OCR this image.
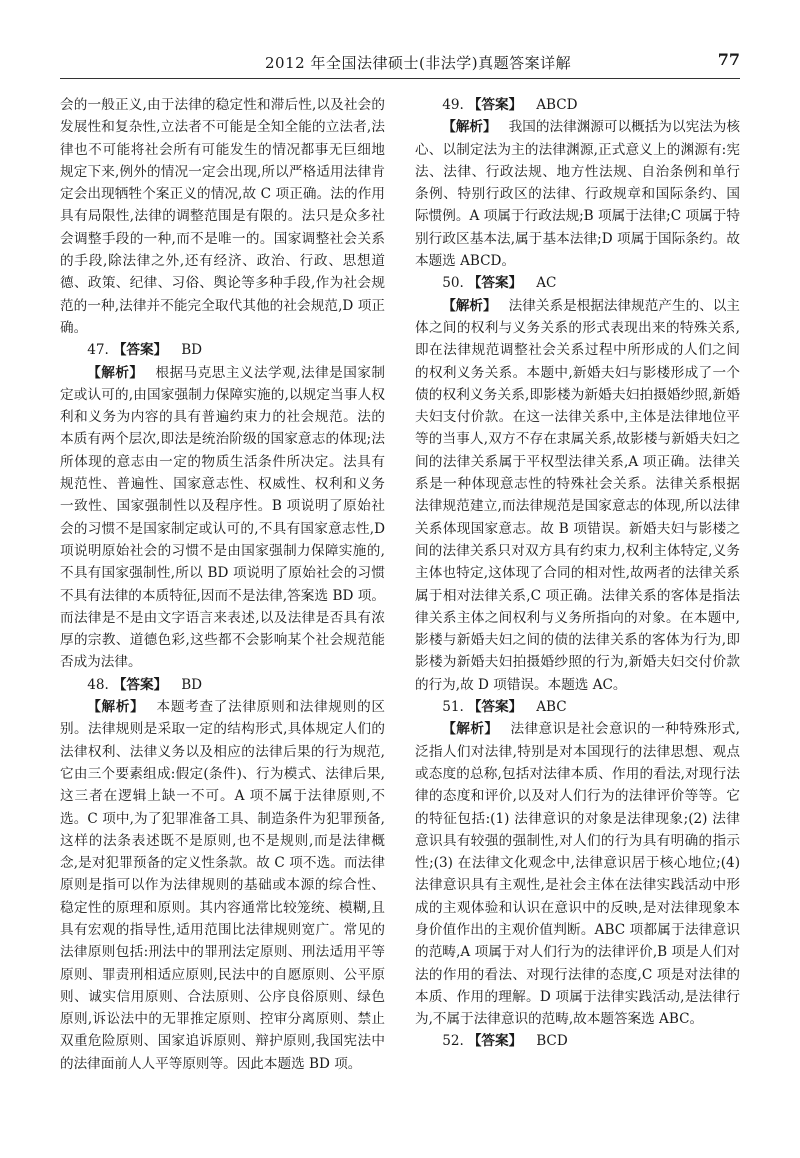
2012 年全国法律硕士(非法学)真题答案详解	77

会的一般正义,由于法律的稳定性和滞后性,以及社会的发展性和复杂性,立法者不可能是全知全能的立法者,法律也不可能将社会所有可能发生的情况都事无巨细地规定下来,例外的情况一定会出现,所以严格适用法律肯定会出现牺牲个案正义的情况,故 C 项正确。法的作用具有局限性,法律的调整范围是有限的。法只是众多社会调整手段的一种,而不是唯一的。国家调整社会关系的手段,除法律之外,还有经济、政治、行政、思想道德、政策、纪律、习俗、舆论等多种手段,作为社会规范的一种,法律并不能完全取代其他的社会规范,D 项正确。

47. 【答案】 BD

【解析】 根据马克思主义法学观,法律是国家制定或认可的,由国家强制力保障实施的,以规定当事人权利和义务为内容的具有普遍约束力的社会规范。法的本质有两个层次,即法是统治阶级的国家意志的体现;法所体现的意志由一定的物质生活条件所决定。法具有规范性、普遍性、国家意志性、权威性、权利和义务一致性、国家强制性以及程序性。B 项说明了原始社会的习惯不是国家制定或认可的,不具有国家意志性,D 项说明原始社会的习惯不是由国家强制力保障实施的,不具有国家强制性,所以 BD 项说明了原始社会的习惯不具有法律的本质特征,因而不是法律,答案选 BD 项。而法律是不是由文字语言来表述,以及法律是否具有浓厚的宗教、道德色彩,这些都不会影响某个社会规范能否成为法律。

48. 【答案】 BD

【解析】 本题考查了法律原则和法律规则的区别。法律规则是采取一定的结构形式,具体规定人们的法律权利、法律义务以及相应的法律后果的行为规范,它由三个要素组成:假定(条件)、行为模式、法律后果,这三者在逻辑上缺一不可。A 项不属于法律原则,不选。C 项中,为了犯罪准备工具、制造条件为犯罪预备,这样的法条表述既不是原则,也不是规则,而是法律概念,是对犯罪预备的定义性条款。故 C 项不选。而法律原则是指可以作为法律规则的基础或本源的综合性、稳定性的原理和原则。其内容通常比较笼统、模糊,且具有宏观的指导性,适用范围比法律规则宽广。常见的法律原则包括:刑法中的罪刑法定原则、刑法适用平等原则、罪责刑相适应原则,民法中的自愿原则、公平原则、诚实信用原则、合法原则、公序良俗原则、绿色原则,诉讼法中的无罪推定原则、控审分离原则、禁止双重危险原则、国家追诉原则、辩护原则,我国宪法中的法律面前人人平等原则等。因此本题选 BD 项。

49. 【答案】 ABCD

【解析】 我国的法律渊源可以概括为以宪法为核心、以制定法为主的法律渊源,正式意义上的渊源有:宪法、法律、行政法规、地方性法规、自治条例和单行条例、特别行政区的法律、行政规章和国际条约、国际惯例。A 项属于行政法规;B 项属于法律;C 项属于特别行政区基本法,属于基本法律;D 项属于国际条约。故本题选 ABCD。

50. 【答案】 AC

【解析】 法律关系是根据法律规范产生的、以主体之间的权利与义务关系的形式表现出来的特殊关系,即在法律规范调整社会关系过程中所形成的人们之间的权利义务关系。本题中,新婚夫妇与影楼形成了一个债的权利义务关系,即影楼为新婚夫妇拍摄婚纱照,新婚夫妇支付价款。在这一法律关系中,主体是法律地位平等的当事人,双方不存在隶属关系,故影楼与新婚夫妇之间的法律关系属于平权型法律关系,A 项正确。法律关系是一种体现意志性的特殊社会关系。法律关系根据法律规范建立,而法律规范是国家意志的体现,所以法律关系体现国家意志。故 B 项错误。新婚夫妇与影楼之间的法律关系只对双方具有约束力,权利主体特定,义务主体也特定,这体现了合同的相对性,故两者的法律关系属于相对法律关系,C 项正确。法律关系的客体是指法律关系主体之间权利与义务所指向的对象。在本题中,影楼与新婚夫妇之间的债的法律关系的客体为行为,即影楼为新婚夫妇拍摄婚纱照的行为,新婚夫妇交付价款的行为,故 D 项错误。本题选 AC。

51. 【答案】 ABC

【解析】 法律意识是社会意识的一种特殊形式,泛指人们对法律,特别是对本国现行的法律思想、观点或态度的总称,包括对法律本质、作用的看法,对现行法律的态度和评价,以及对人们行为的法律评价等等。它的特征包括:(1) 法律意识的对象是法律现象;(2) 法律意识具有较强的强制性,对人们的行为具有明确的指示性;(3) 在法律文化观念中,法律意识居于核心地位;(4) 法律意识具有主观性,是社会主体在法律实践活动中形成的主观体验和认识在意识中的反映,是对法律现象本身价值作出的主观价值判断。ABC 项都属于法律意识的范畴,A 项属于对人们行为的法律评价,B 项是人们对法的作用的看法、对现行法律的态度,C 项是对法律的本质、作用的理解。D 项属于法律实践活动,是法律行为,不属于法律意识的范畴,故本题答案选 ABC。

52. 【答案】 BCD
